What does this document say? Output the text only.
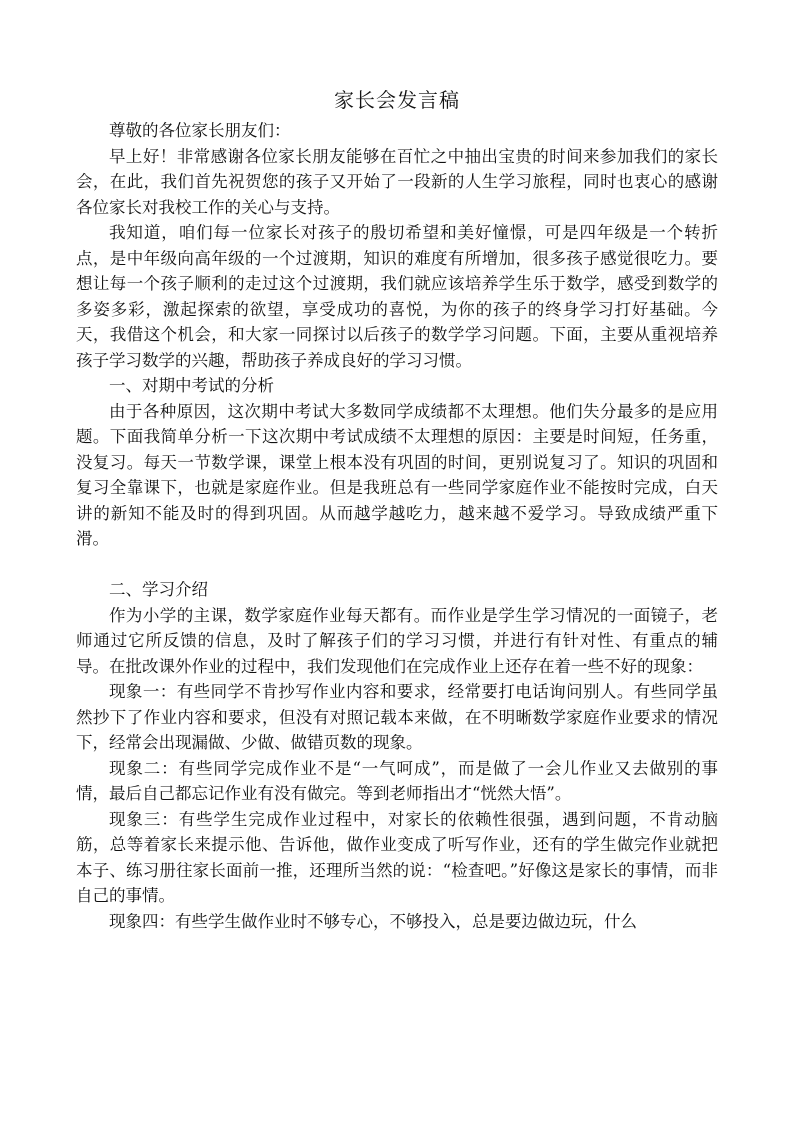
家长会发言稿

尊敬的各位家长朋友们：

早上好！非常感谢各位家长朋友能够在百忙之中抽出宝贵的时间来参加我们的家长会，在此，我们首先祝贺您的孩子又开始了一段新的人生学习旅程，同时也衷心的感谢各位家长对我校工作的关心与支持。

我知道，咱们每一位家长对孩子的殷切希望和美好憧憬，可是四年级是一个转折点，是中年级向高年级的一个过渡期，知识的难度有所增加，很多孩子感觉很吃力。要想让每一个孩子顺利的走过这个过渡期，我们就应该培养学生乐于数学，感受到数学的多姿多彩，激起探索的欲望，享受成功的喜悦，为你的孩子的终身学习打好基础。今天，我借这个机会，和大家一同探讨以后孩子的数学学习问题。下面，主要从重视培养孩子学习数学的兴趣，帮助孩子养成良好的学习习惯。

一、对期中考试的分析

由于各种原因，这次期中考试大多数同学成绩都不太理想。他们失分最多的是应用题。下面我简单分析一下这次期中考试成绩不太理想的原因：主要是时间短，任务重，没复习。每天一节数学课，课堂上根本没有巩固的时间，更别说复习了。知识的巩固和复习全靠课下，也就是家庭作业。但是我班总有一些同学家庭作业不能按时完成，白天讲的新知不能及时的得到巩固。从而越学越吃力，越来越不爱学习。导致成绩严重下滑。

二、学习介绍

作为小学的主课，数学家庭作业每天都有。而作业是学生学习情况的一面镜子，老师通过它所反馈的信息，及时了解孩子们的学习习惯，并进行有针对性、有重点的辅导。在批改课外作业的过程中，我们发现他们在完成作业上还存在着一些不好的现象：

现象一：有些同学不肯抄写作业内容和要求，经常要打电话询问别人。有些同学虽然抄下了作业内容和要求，但没有对照记载本来做，在不明晰数学家庭作业要求的情况下，经常会出现漏做、少做、做错页数的现象。

现象二：有些同学完成作业不是“一气呵成”，而是做了一会儿作业又去做别的事情，最后自己都忘记作业有没有做完。等到老师指出才“恍然大悟”。

现象三：有些学生完成作业过程中，对家长的依赖性很强，遇到问题，不肯动脑筋，总等着家长来提示他、告诉他，做作业变成了听写作业，还有的学生做完作业就把本子、练习册往家长面前一推，还理所当然的说：“检查吧。”好像这是家长的事情，而非自己的事情。

现象四：有些学生做作业时不够专心，不够投入，总是要边做边玩，什么
